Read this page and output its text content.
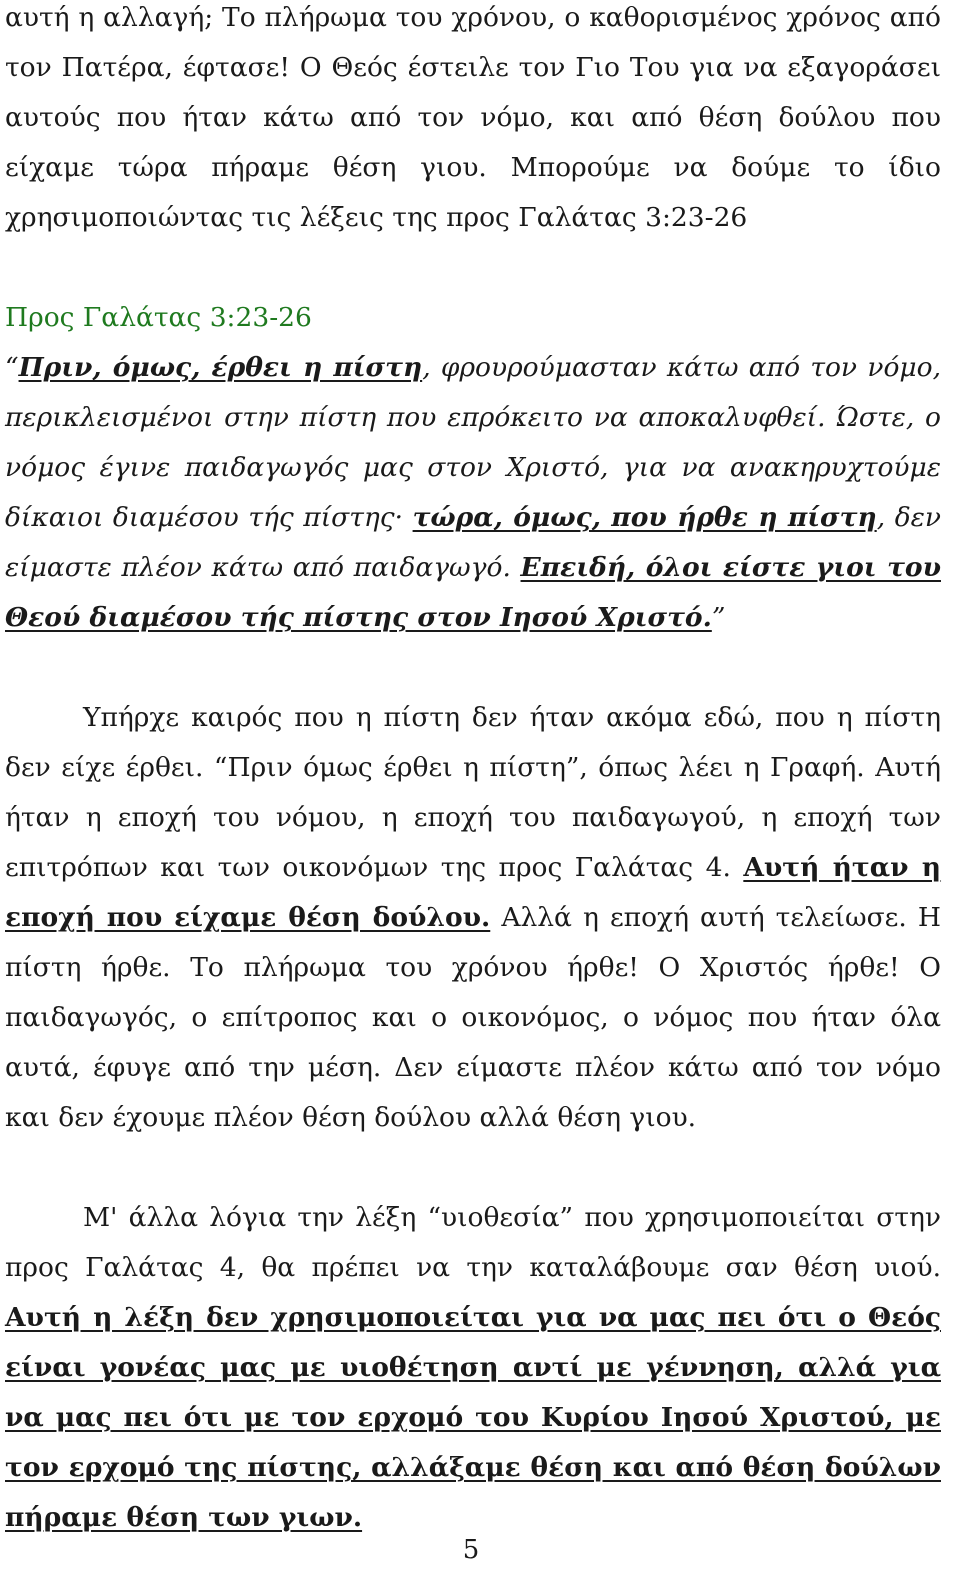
αυτή η αλλαγή; Το πλήρωμα του χρόνου, ο καθορισμένος χρόνος από τον Πατέρα, έφτασε! Ο Θεός έστειλε τον Γιο Του για να εξαγοράσει αυτούς που ήταν κάτω από τον νόμο, και από θέση δούλου που είχαμε τώρα πήραμε θέση γιου. Μπορούμε να δούμε το ίδιο χρησιμοποιώντας τις λέξεις της προς Γαλάτας 3:23-26

Προς Γαλάτας 3:23-26

“Πριν, όμως, έρθει η πίστη, φρουρούμασταν κάτω από τον νόμο, περικλεισμένοι στην πίστη που επρόκειτο να αποκαλυφθεί. Ώστε, ο νόμος έγινε παιδαγωγός μας στον Χριστό, για να ανακηρυχτούμε δίκαιοι διαμέσου τής πίστης· τώρα, όμως, που ήρθε η πίστη, δεν είμαστε πλέον κάτω από παιδαγωγό. Επειδή, όλοι είστε γιοι του Θεού διαμέσου τής πίστης στον Ιησού Χριστό.”

Υπήρχε καιρός που η πίστη δεν ήταν ακόμα εδώ, που η πίστη δεν είχε έρθει. “Πριν όμως έρθει η πίστη”, όπως λέει η Γραφή. Αυτή ήταν η εποχή του νόμου, η εποχή του παιδαγωγού, η εποχή των επιτρόπων και των οικονόμων της προς Γαλάτας 4. Αυτή ήταν η εποχή που είχαμε θέση δούλου. Αλλά η εποχή αυτή τελείωσε. Η πίστη ήρθε. Το πλήρωμα του χρόνου ήρθε! Ο Χριστός ήρθε! Ο παιδαγωγός, ο επίτροπος και ο οικονόμος, ο νόμος που ήταν όλα αυτά, έφυγε από την μέση. Δεν είμαστε πλέον κάτω από τον νόμο και δεν έχουμε πλέον θέση δούλου αλλά θέση γιου.

Μ' άλλα λόγια την λέξη “υιοθεσία” που χρησιμοποιείται στην προς Γαλάτας 4, θα πρέπει να την καταλάβουμε σαν θέση υιού. Αυτή η λέξη δεν χρησιμοποιείται για να μας πει ότι ο Θεός είναι γονέας μας με υιοθέτηση αντί με γέννηση, αλλά για να μας πει ότι με τον ερχομό του Κυρίου Ιησού Χριστού, με τον ερχομό της πίστης, αλλάξαμε θέση και από θέση δούλων πήραμε θέση των γιων.

5
